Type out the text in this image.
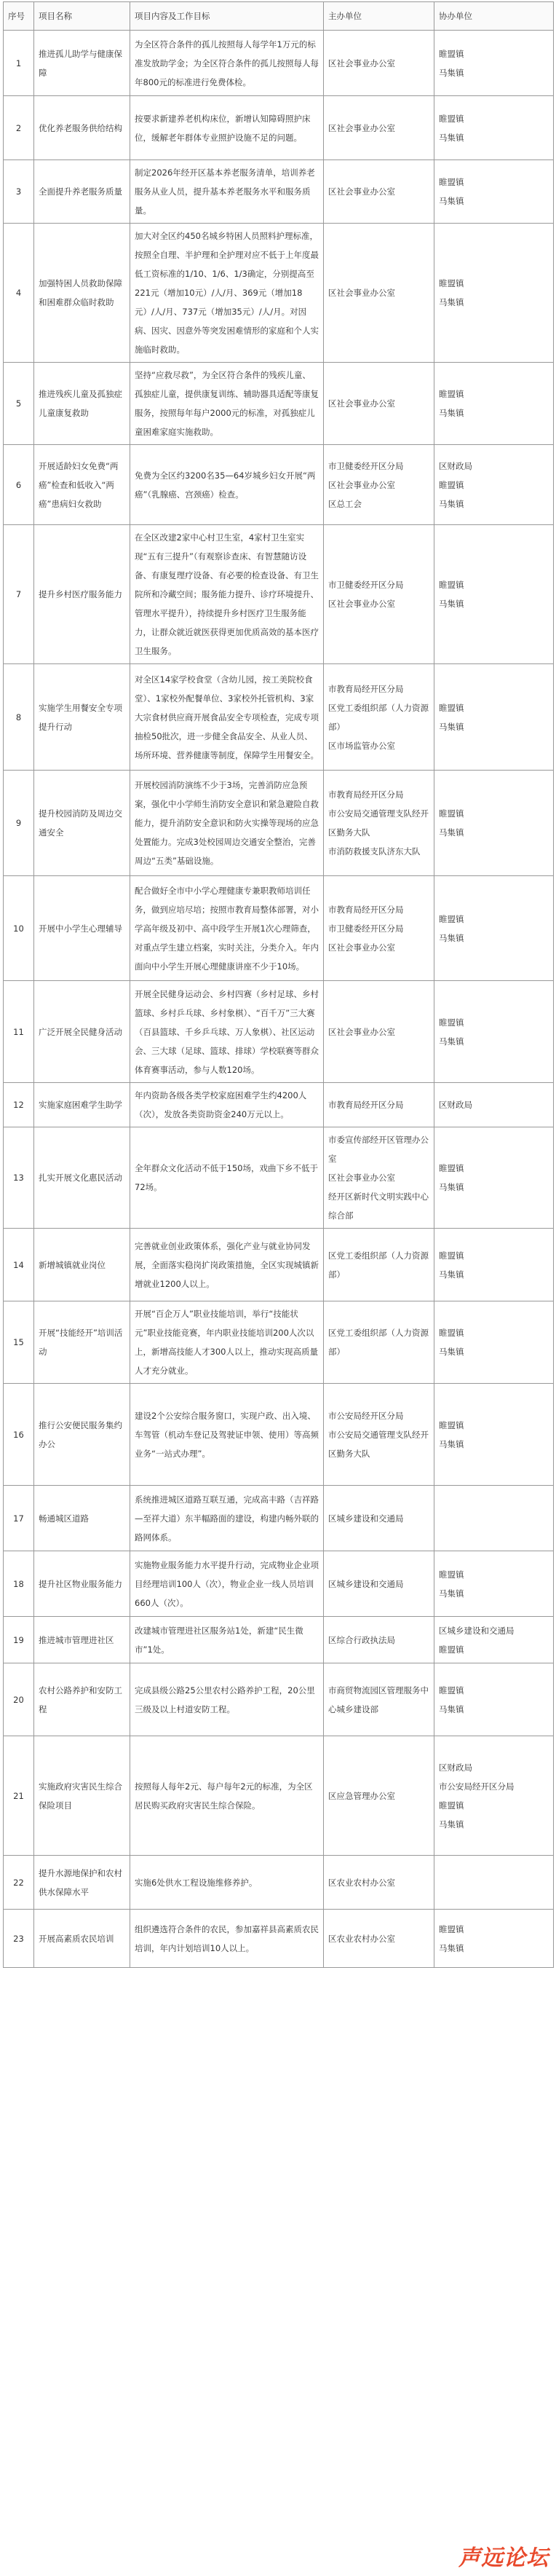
序号	项目名称	项目内容及工作目标	主办单位	协办单位
1	推进孤儿助学与健康保障	为全区符合条件的孤儿按照每人每学年1万元的标准发放助学金；为全区符合条件的孤儿按照每人每年800元的标准进行免费体检。	区社会事业办公室	睢盟镇
马集镇

2	优化养老服务供给结构	按要求新建养老机构床位，新增认知障碍照护床位，缓解老年群体专业照护设施不足的问题。	区社会事业办公室	睢盟镇
马集镇

3	全面提升养老服务质量	制定2026年经开区基本养老服务清单，培训养老服务从业人员，提升基本养老服务水平和服务质量。	区社会事业办公室	睢盟镇
马集镇

4	加强特困人员救助保障和困难群众临时救助	加大对全区约450名城乡特困人员照料护理标准，按照全自理、半护理和全护理对应不低于上年度最低工资标准的1/10、1/6、1/3确定，分别提高至221元（增加10元）/人/月、369元（增加18元）/人/月、737元（增加35元）/人/月。对因病、因灾、因意外等突发困难情形的家庭和个人实施临时救助。	区社会事业办公室	睢盟镇
马集镇

5	推进残疾儿童及孤独症儿童康复救助	坚持“应救尽救”，为全区符合条件的残疾儿童、孤独症儿童，提供康复训练、辅助器具适配等康复服务，按照每年每户2000元的标准，对孤独症儿童困难家庭实施救助。	区社会事业办公室	睢盟镇
马集镇

6	开展适龄妇女免费“两癌”检查和低收入“两癌”患病妇女救助	免费为全区约3200名35—64岁城乡妇女开展“两癌”（乳腺癌、宫颈癌）检查。	市卫健委经开区分局
区社会事业办公室
区总工会	区财政局
睢盟镇
马集镇

7	提升乡村医疗服务能力	在全区改建2家中心村卫生室，4家村卫生室实现“五有三提升”（有观察诊查床、有智慧随访设备、有康复理疗设备、有必要的检查设备、有卫生院所和冷藏空间；服务能力提升、诊疗环境提升、管理水平提升），持续提升乡村医疗卫生服务能力，让群众就近就医获得更加优质高效的基本医疗卫生服务。	市卫健委经开区分局
区社会事业办公室	睢盟镇
马集镇

8	实施学生用餐安全专项提升行动	对全区14家学校食堂（含幼儿园，按工美院校食堂）、1家校外配餐单位、3家校外托管机构、3家大宗食材供应商开展食品安全专项检查，完成专项抽检50批次，进一步健全食品安全、从业人员、场所环境、营养健康等制度，保障学生用餐安全。	市教育局经开区分局
区党工委组织部（人力资源部）
区市场监管办公室	睢盟镇
马集镇

9	提升校园消防及周边交通安全	开展校园消防演练不少于3场，完善消防应急预案，强化中小学师生消防安全意识和紧急避险自救能力，提升消防安全意识和防火实操等现场的应急处置能力。完成3处校园周边交通安全整治，完善周边“五类”基础设施。	市教育局经开区分局
市公安局交通管理支队经开区勤务大队
市消防救援支队济东大队	睢盟镇
马集镇

10	开展中小学生心理辅导	配合做好全市中小学心理健康专兼职教师培训任务，做到应培尽培；按照市教育局整体部署，对小学高年级及初中、高中段学生开展1次心理筛查，对重点学生建立档案，实时关注，分类介入。年内面向中小学生开展心理健康讲座不少于10场。	市教育局经开区分局
市卫健委经开区分局
区社会事业办公室	睢盟镇
马集镇

11	广泛开展全民健身活动	开展全民健身运动会、乡村四赛（乡村足球、乡村篮球、乡村乒乓球、乡村象棋）、“百千万”三大赛（百县篮球、千乡乒乓球、万人象棋）、社区运动会、三大球（足球、篮球、排球）学校联赛等群众体育赛事活动，参与人数120场。	区社会事业办公室	睢盟镇
马集镇

12	实施家庭困难学生助学	年内资助各级各类学校家庭困难学生约4200人（次），发放各类资助资金240万元以上。	市教育局经开区分局	区财政局

13	扎实开展文化惠民活动	全年群众文化活动不低于150场，戏曲下乡不低于72场。	市委宣传部经开区管理办公室
区社会事业办公室
经开区新时代文明实践中心综合部	睢盟镇
马集镇

14	新增城镇就业岗位	完善就业创业政策体系，强化产业与就业协同发展，全面落实稳岗扩岗政策措施，全区实现城镇新增就业1200人以上。	区党工委组织部（人力资源部）	睢盟镇
马集镇

15	开展“技能经开”培训活动	开展“百企万人”职业技能培训，举行“技能状元”职业技能竞赛，年内职业技能培训200人次以上，新增高技能人才300人以上，推动实现高质量人才充分就业。	区党工委组织部（人力资源部）	睢盟镇
马集镇

16	推行公安便民服务集约办公	建设2个公安综合服务窗口，实现户政、出入境、车驾管（机动车登记及驾驶证申领、使用）等高频业务“一站式办理”。	市公安局经开区分局
市公安局交通管理支队经开区勤务大队	睢盟镇
马集镇

17	畅通城区道路	系统推进城区道路互联互通，完成高丰路（吉祥路—至祥大道）东半幅路面的建设，构建内畅外联的路网体系。	区城乡建设和交通局	

18	提升社区物业服务能力	实施物业服务能力水平提升行动，完成物业企业项目经理培训100人（次），物业企业一线人员培训660人（次）。	区城乡建设和交通局	睢盟镇
马集镇

19	推进城市管理进社区	改建城市管理进社区服务站1处，新建“民生微市”1处。	区综合行政执法局	区城乡建设和交通局
睢盟镇

20	农村公路养护和安防工程	完成县级公路25公里农村公路养护工程，20公里三级及以上村道安防工程。	市商贸物流园区管理服务中心城乡建设部	睢盟镇
马集镇

21	实施政府灾害民生综合保险项目	按照每人每年2元、每户每年2元的标准，为全区居民购买政府灾害民生综合保险。	区应急管理办公室	区财政局
市公安局经开区分局
睢盟镇
马集镇

22	提升水源地保护和农村供水保障水平	实施6处供水工程设施维修养护。	区农业农村办公室	

23	开展高素质农民培训	组织遴选符合条件的农民，参加嘉祥县高素质农民培训，年内计划培训10人以上。	区农业农村办公室	睢盟镇
马集镇
声远论坛
